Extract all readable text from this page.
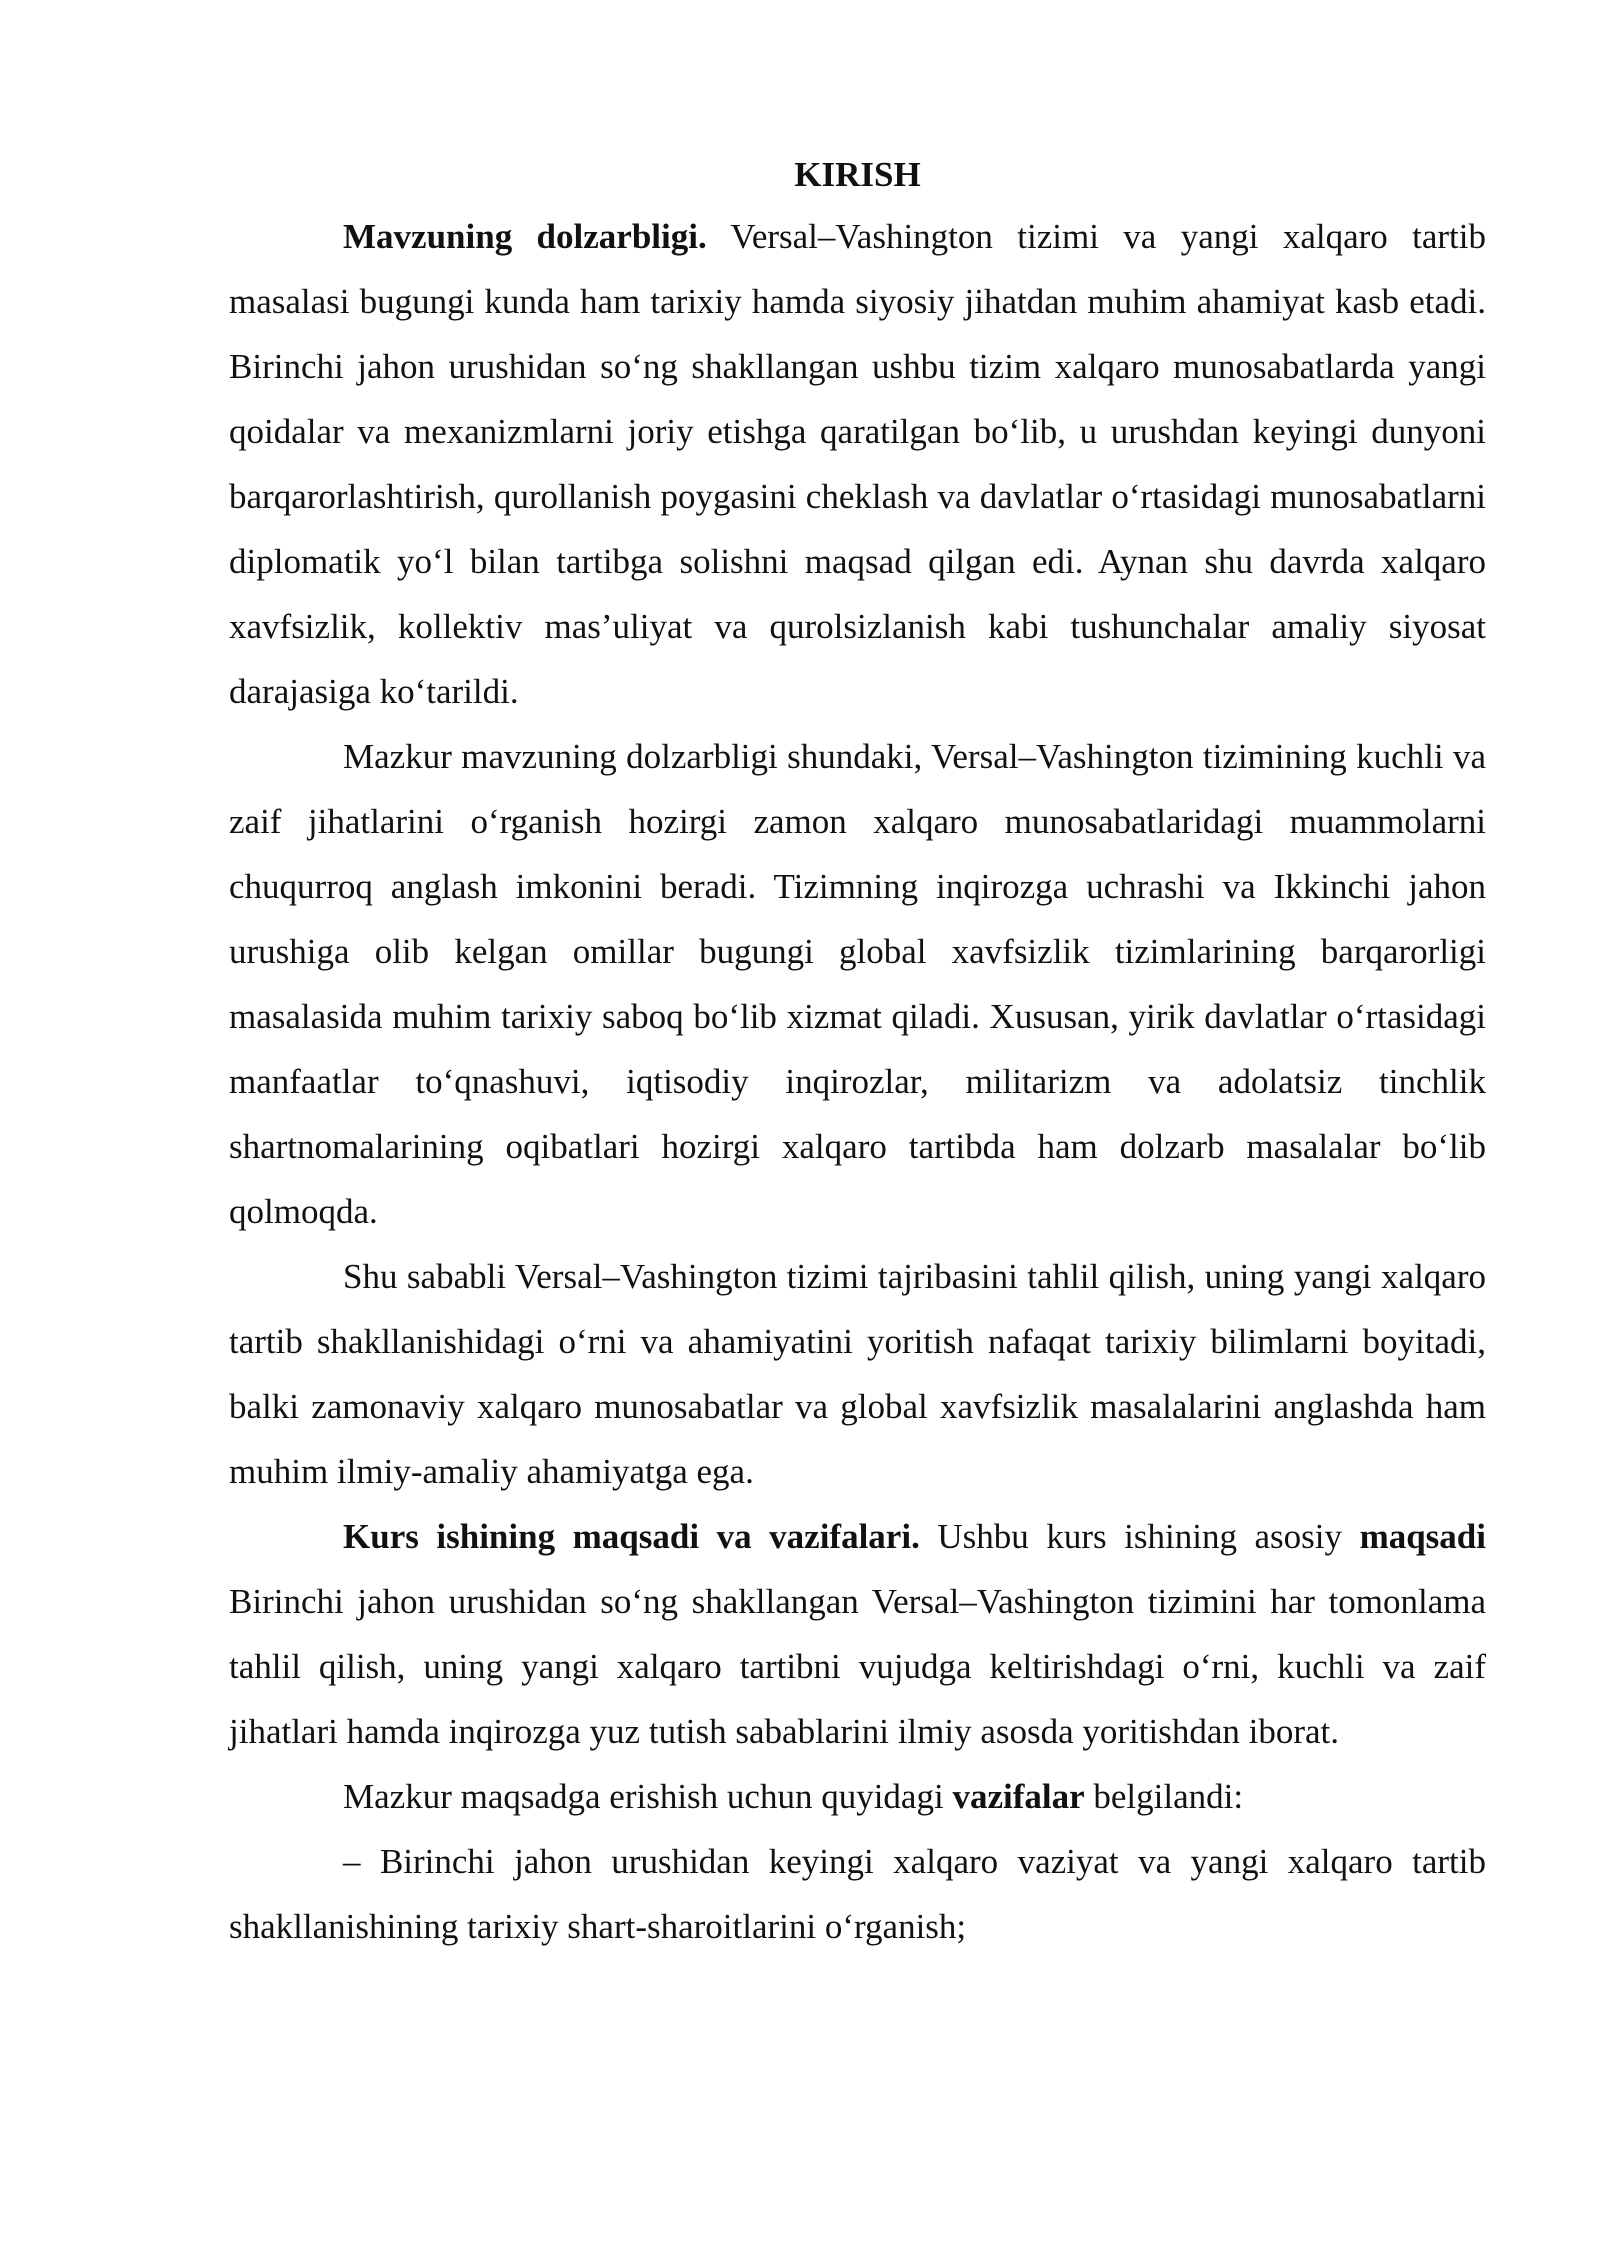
KIRISH

Mavzuning dolzarbligi. Versal–Vashington tizimi va yangi xalqaro tartib masalasi bugungi kunda ham tarixiy hamda siyosiy jihatdan muhim ahamiyat kasb etadi. Birinchi jahon urushidan so‘ng shakllangan ushbu tizim xalqaro munosabatlarda yangi qoidalar va mexanizmlarni joriy etishga qaratilgan bo‘lib, u urushdan keyingi dunyoni barqarorlashtirish, qurollanish poygasini cheklash va davlatlar o‘rtasidagi munosabatlarni diplomatik yo‘l bilan tartibga solishni maqsad qilgan edi. Aynan shu davrda xalqaro xavfsizlik, kollektiv mas’uliyat va qurolsizlanish kabi tushunchalar amaliy siyosat darajasiga ko‘tarildi.

Mazkur mavzuning dolzarbligi shundaki, Versal–Vashington tizimining kuchli va zaif jihatlarini o‘rganish hozirgi zamon xalqaro munosabatlaridagi muammolarni chuqurroq anglash imkonini beradi. Tizimning inqirozga uchrashi va Ikkinchi jahon urushiga olib kelgan omillar bugungi global xavfsizlik tizimlarining barqarorligi masalasida muhim tarixiy saboq bo‘lib xizmat qiladi. Xususan, yirik davlatlar o‘rtasidagi manfaatlar to‘qnashuvi, iqtisodiy inqirozlar, militarizm va adolatsiz tinchlik shartnomalarining oqibatlari hozirgi xalqaro tartibda ham dolzarb masalalar bo‘lib qolmoqda.

Shu sababli Versal–Vashington tizimi tajribasini tahlil qilish, uning yangi xalqaro tartib shakllanishidagi o‘rni va ahamiyatini yoritish nafaqat tarixiy bilimlarni boyitadi, balki zamonaviy xalqaro munosabatlar va global xavfsizlik masalalarini anglashda ham muhim ilmiy-amaliy ahamiyatga ega.

Kurs ishining maqsadi va vazifalari. Ushbu kurs ishining asosiy maqsadi Birinchi jahon urushidan so‘ng shakllangan Versal–Vashington tizimini har tomonlama tahlil qilish, uning yangi xalqaro tartibni vujudga keltirishdagi o‘rni, kuchli va zaif jihatlari hamda inqirozga yuz tutish sabablarini ilmiy asosda yoritishdan iborat.

Mazkur maqsadga erishish uchun quyidagi vazifalar belgilandi:

– Birinchi jahon urushidan keyingi xalqaro vaziyat va yangi xalqaro tartib shakllanishining tarixiy shart-sharoitlarini o‘rganish;
